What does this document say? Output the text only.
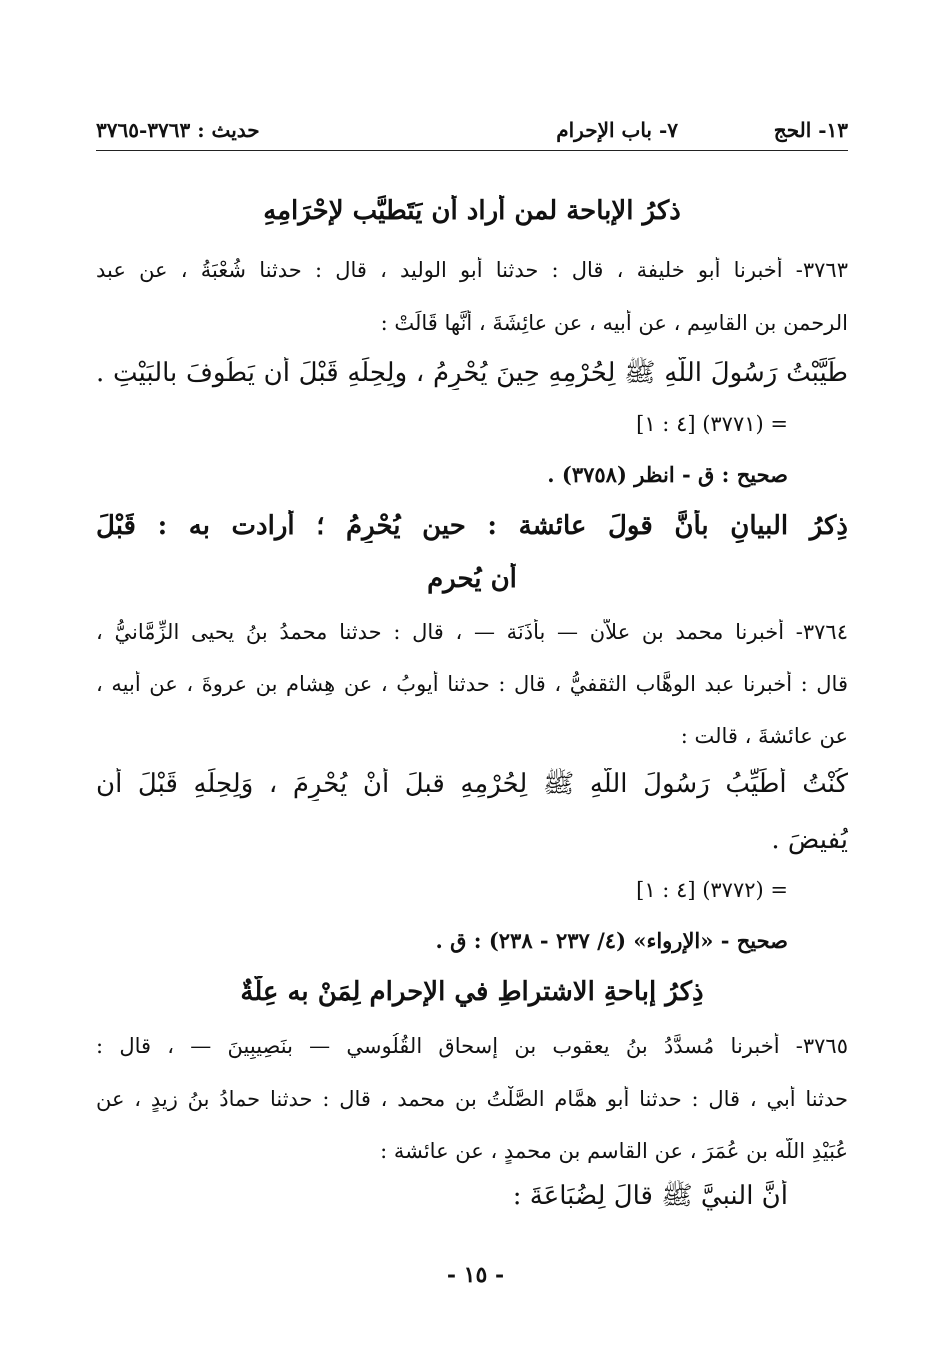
١٣- الحج
٧- باب الإحرام
حديث : ٣٧٦٣-٣٧٦٥
ذكرُ الإباحة لمن أراد أن يَتَطيَّب لإحْرَامِهِ
٣٧٦٣- أخبرنا أبو خليفة ، قال : حدثنا أبو الوليد ، قال : حدثنا شُعْبَةُ ، عن عبد
الرحمن بنِ القاسِمِ ، عن أبيه ، عن عائِشَةَ ، أنَّها قَالَتْ :
طَيَّبْتُ رَسُولَ اللَّهِ ﷺ لِحُرْمِهِ حِينَ يُحْرِمُ ، ولِحِلِّهِ قَبْلَ أن يَطُوفَ بالبَيْتِ .
= (٣٧٧١) [٤ : ١]
صحيح : ق - انظر (٣٧٥٨) .
ذِكرُ البيانِ بأنَّ قولَ عائشة : حين يُحْرِمُ ؛ أرادت به : قَبْلَ
أن يُحرم
٣٧٦٤- أخبرنا محمد بن علاّن — بأَذَنَة — ، قال : حدثنا محمدُ بنُ يحيى الزِّمَّانيُّ ،
قال : أخبرنا عبد الوهَّاب الثقفيُّ ، قال : حدثنا أيوبُ ، عن هِشام بن عروةَ ، عن أبيه ،
عن عائشةَ ، قالت :
كُنْتُ أُطَيِّبُ رَسُولَ اللَّهِ ﷺ لِحُرْمِهِ قبلَ أَنْ يُحْرِمَ ، وَلِحِلِّهِ قَبْلَ أن
يُفيضَ .
= (٣٧٧٢) [٤ : ١]
صحيح - «الإرواء» (٤/ ٢٣٧ - ٢٣٨) : ق .
ذِكرُ إباحةِ الاشتراطِ في الإحرام لِمَنْ به عِلَّةٌ
٣٧٦٥- أخبرنا مُسدَّدُ بنُ يعقوب بن إسحاق القُلُوسي — بنَصِيبِينَ — ، قال :
حدثنا أبي ، قال : حدثنا أبو همَّام الصَّلْتُ بن محمد ، قال : حدثنا حمادُ بنُ زيدٍ ، عن
عُبَيْدِ اللَّه بنِ عُمَرَ ، عن القاسم بن محمدٍ ، عن عائشة :
أنَّ النبيَّ ﷺ قالَ لِضُبَاعَةَ :
- ١٥ -
